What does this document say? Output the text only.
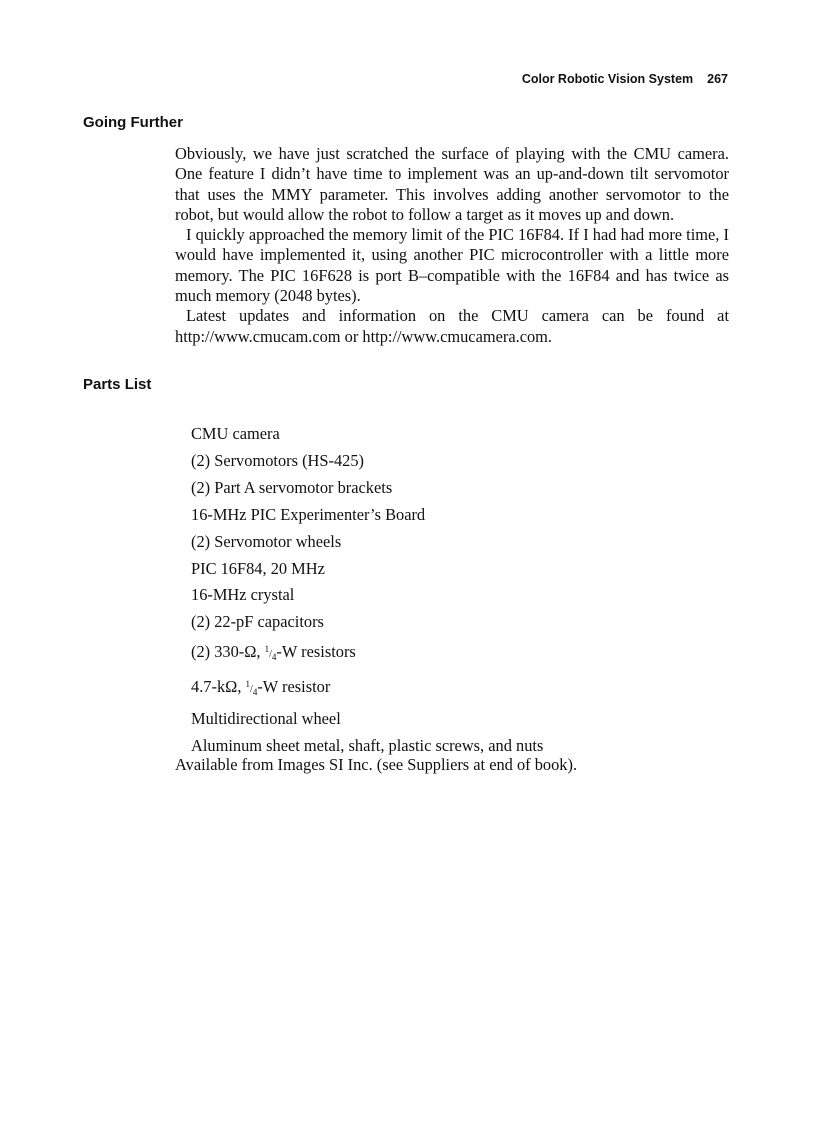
Color Robotic Vision System 267
Going Further

Obviously, we have just scratched the surface of playing with the CMU camera. One feature I didn’t have time to implement was an up-and-down tilt servomotor that uses the MMY parameter. This involves adding another servomotor to the robot, but would allow the robot to follow a target as it moves up and down.

I quickly approached the memory limit of the PIC 16F84. If I had had more time, I would have implemented it, using another PIC microcontroller with a little more memory. The PIC 16F628 is port B–compatible with the 16F84 and has twice as much memory (2048 bytes).

Latest updates and information on the CMU camera can be found at http://www.cmucam.com or http://www.cmucamera.com.

Parts List
CMU camera
(2) Servomotors (HS-425)
(2) Part A servomotor brackets
16-MHz PIC Experimenter’s Board
(2) Servomotor wheels
PIC 16F84, 20 MHz
16-MHz crystal
(2) 22-pF capacitors
(2) 330-Ω, $^1/_4-W$ resistors
4.7-kΩ, $^1/_4-W$ resistor
Multidirectional wheel
Aluminum sheet metal, shaft, plastic screws, and nuts

Available from Images SI Inc. (see Suppliers at end of book).
